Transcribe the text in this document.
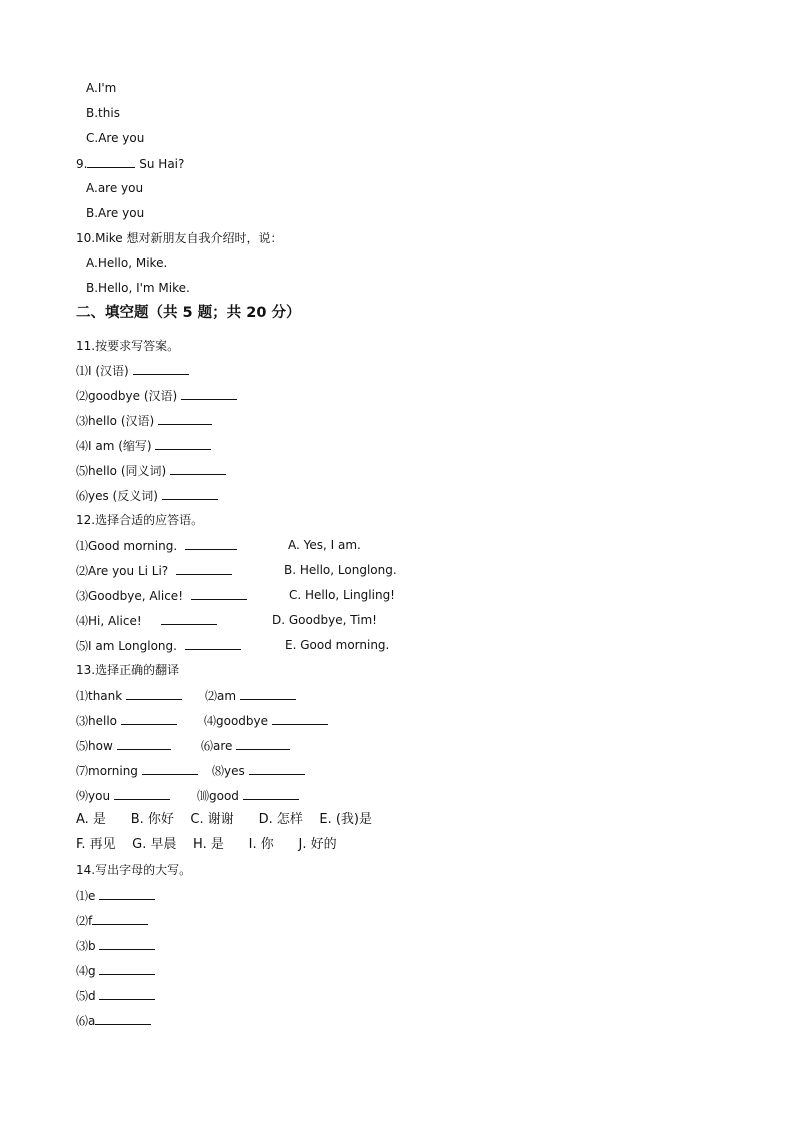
A.I'm
B.this
C.Are you
9.	Su Hai?
A.are you
B.Are you
10.Mike 想对新朋友自我介绍时，说：
A.Hello, Mike.
B.Hello, I'm Mike.
二、填空题（共 5 题；共 20 分）
11.按要求写答案。
⑴I (汉语)
⑵goodbye (汉语)
⑶hello (汉语)
⑷I am (缩写)
⑸hello (同义词)
⑹yes (反义词)
12.选择合适的应答语。
⑴Good morning.
⑵Are you Li Li?
⑶Goodbye, Alice!
⑷Hi, Alice!
⑸I am Longlong.
A. Yes, I am.
B. Hello, Longlong.
C. Hello, Lingling!
D. Goodbye, Tim!
E. Good morning.
13.选择正确的翻译
⑴thank
⑶hello
⑸how
⑺morning
⑼you
⑵am
⑷goodbye
⑹are
⑻yes
⑽good
A. 是      B. 你好    C. 谢谢      D. 怎样    E. (我)是
F. 再见    G. 早晨    H. 是      I. 你      J. 好的
14.写出字母的大写。
⑴e
⑵f
⑶b
⑷g
⑸d
⑹a
